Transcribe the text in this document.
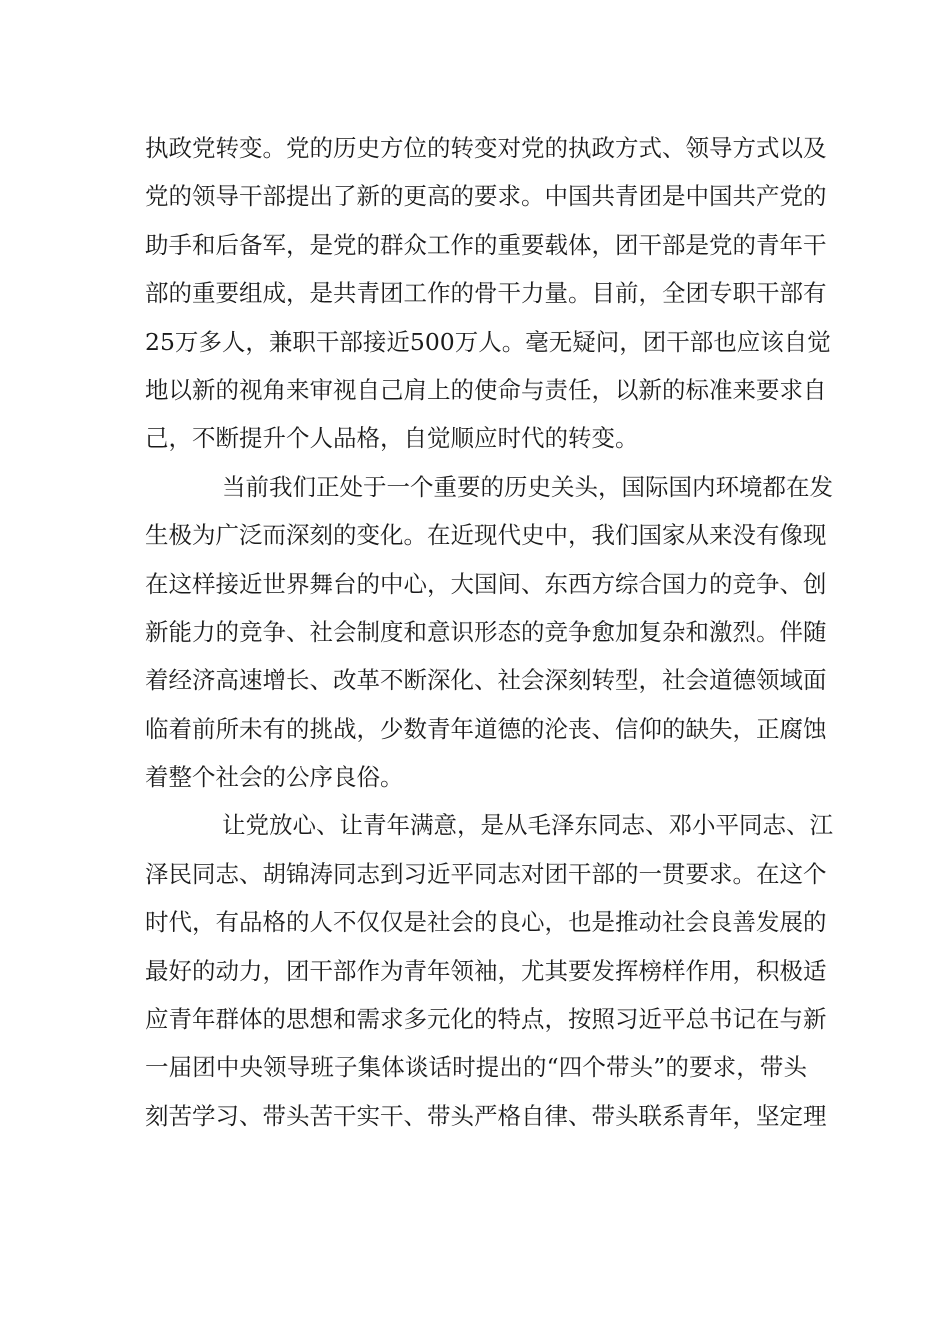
执政党转变。党的历史方位的转变对党的执政方式、领导方式以及
党的领导干部提出了新的更高的要求。中国共青团是中国共产党的
助手和后备军，是党的群众工作的重要载体，团干部是党的青年干
部的重要组成，是共青团工作的骨干力量。目前，全团专职干部有
25万多人，兼职干部接近500万人。毫无疑问，团干部也应该自觉
地以新的视角来审视自己肩上的使命与责任，以新的标准来要求自
己，不断提升个人品格，自觉顺应时代的转变。
当前我们正处于一个重要的历史关头，国际国内环境都在发
生极为广泛而深刻的变化。在近现代史中，我们国家从来没有像现
在这样接近世界舞台的中心，大国间、东西方综合国力的竞争、创
新能力的竞争、社会制度和意识形态的竞争愈加复杂和激烈。伴随
着经济高速增长、改革不断深化、社会深刻转型，社会道德领域面
临着前所未有的挑战，少数青年道德的沦丧、信仰的缺失，正腐蚀
着整个社会的公序良俗。
让党放心、让青年满意，是从毛泽东同志、邓小平同志、江
泽民同志、胡锦涛同志到习近平同志对团干部的一贯要求。在这个
时代，有品格的人不仅仅是社会的良心，也是推动社会良善发展的
最好的动力，团干部作为青年领袖，尤其要发挥榜样作用，积极适
应青年群体的思想和需求多元化的特点，按照习近平总书记在与新
一届团中央领导班子集体谈话时提出的“四个带头”的要求，带头
刻苦学习、带头苦干实干、带头严格自律、带头联系青年，坚定理
